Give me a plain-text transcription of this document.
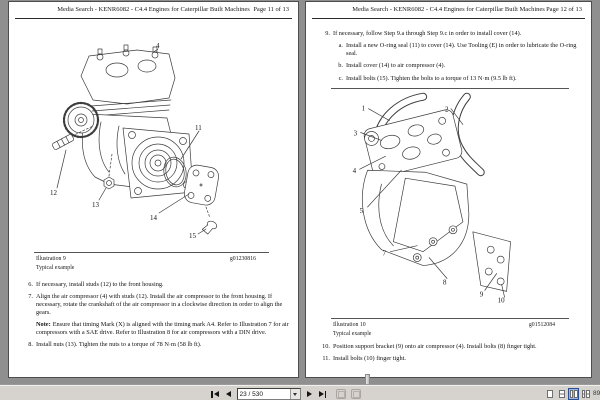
Media Search - KENR6082 - C4.4 Engines for Caterpillar Built Machines Page 11 of 13
4
11
12
13
14
15
Illustration 9	g01230816
Typical example
6. If necessary, install studs (12) to the front housing.
7. Align the air compressor (4) with studs (12). Install the air compressor to the front housing. If necessary, rotate the crankshaft of the air compressor in a clockwise direction in order to align the gears.
Note: Ensure that timing Mark (X) is aligned with the timing mark A4. Refer to Illustration 7 for air compressors with a SAE drive. Refer to Illustration 8 for air compressors with a DIN drive.
8. Install nuts (13). Tighten the nuts to a torque of 78 N·m (58 lb ft).
Media Search - KENR6082 - C4.4 Engines for Caterpillar Built Machines Page 12 of 13
9. If necessary, follow Step 9.a through Step 9.c in order to install cover (14).
a. Install a new O-ring seal (11) to cover (14). Use Tooling (E) in order to lubricate the O-ring seal.
b. Install cover (14) to air compressor (4).
c. Install bolts (15). Tighten the bolts to a torque of 13 N·m (9.5 lb ft).
1	2
3
4
5
7
8
9
10
Illustration 10	g01512084
Typical example
10. Position support bracket (9) onto air compressor (4). Install bolts (8) finger tight.
11. Install bolts (10) finger tight.
23 / 530
89
